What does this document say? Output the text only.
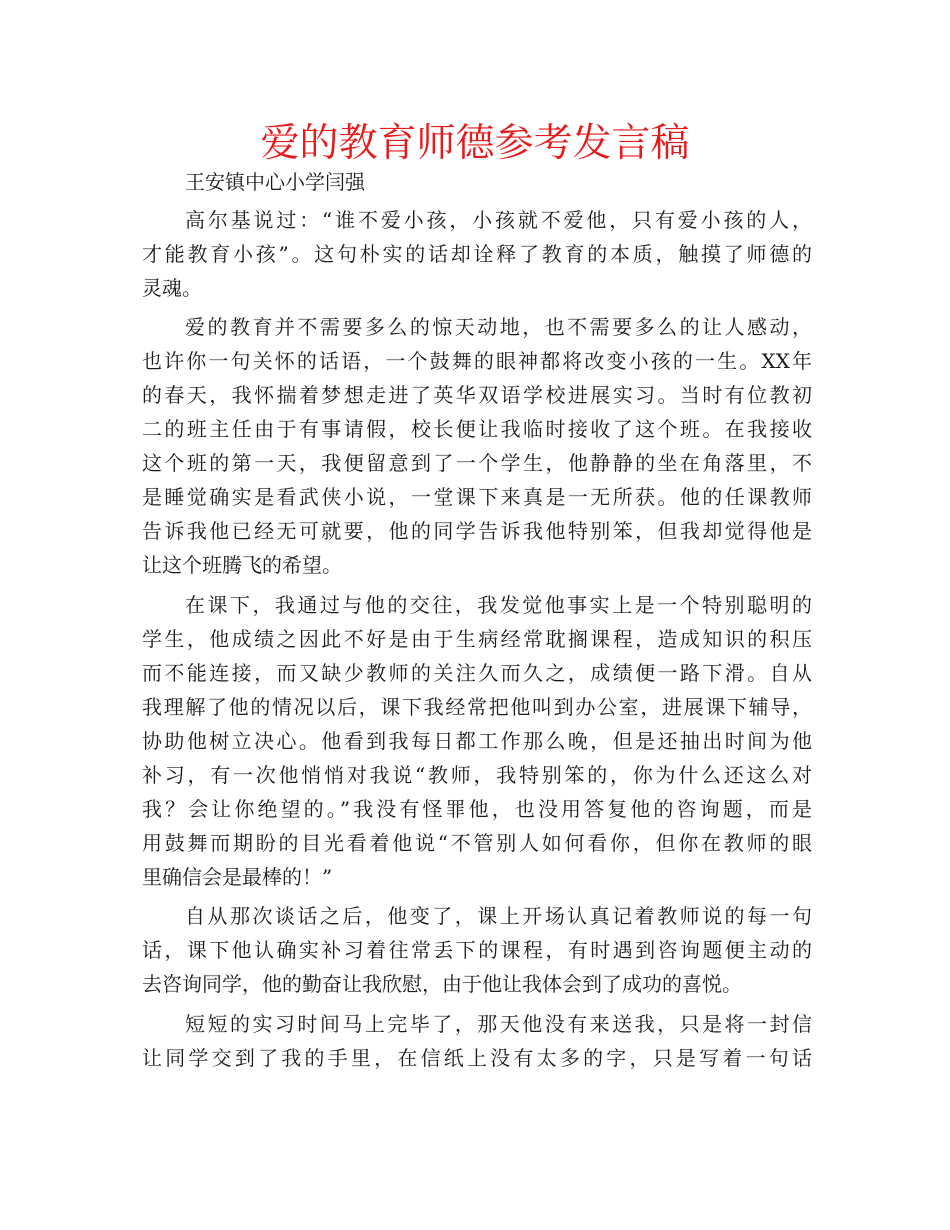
爱的教育师德参考发言稿
王安镇中心小学闫强
高尔基说过：“谁不爱小孩，小孩就不爱他，只有爱小孩的人，
才能教育小孩”。这句朴实的话却诠释了教育的本质，触摸了师德的
灵魂。
爱的教育并不需要多么的惊天动地，也不需要多么的让人感动，
也许你一句关怀的话语，一个鼓舞的眼神都将改变小孩的一生。XX年
的春天，我怀揣着梦想走进了英华双语学校进展实习。当时有位教初
二的班主任由于有事请假，校长便让我临时接收了这个班。在我接收
这个班的第一天，我便留意到了一个学生，他静静的坐在角落里，不
是睡觉确实是看武侠小说，一堂课下来真是一无所获。他的任课教师
告诉我他已经无可就要，他的同学告诉我他特别笨，但我却觉得他是
让这个班腾飞的希望。
在课下，我通过与他的交往，我发觉他事实上是一个特别聪明的
学生，他成绩之因此不好是由于生病经常耽搁课程，造成知识的积压
而不能连接，而又缺少教师的关注久而久之，成绩便一路下滑。自从
我理解了他的情况以后，课下我经常把他叫到办公室，进展课下辅导，
协助他树立决心。他看到我每日都工作那么晚，但是还抽出时间为他
补习，有一次他悄悄对我说“教师，我特别笨的，你为什么还这么对
我？会让你绝望的。”我没有怪罪他，也没用答复他的咨询题，而是
用鼓舞而期盼的目光看着他说“不管别人如何看你，但你在教师的眼
里确信会是最棒的！”
自从那次谈话之后，他变了，课上开场认真记着教师说的每一句
话，课下他认确实补习着往常丢下的课程，有时遇到咨询题便主动的
去咨询同学，他的勤奋让我欣慰，由于他让我体会到了成功的喜悦。
短短的实习时间马上完毕了，那天他没有来送我，只是将一封信
让同学交到了我的手里，在信纸上没有太多的字，只是写着一句话
